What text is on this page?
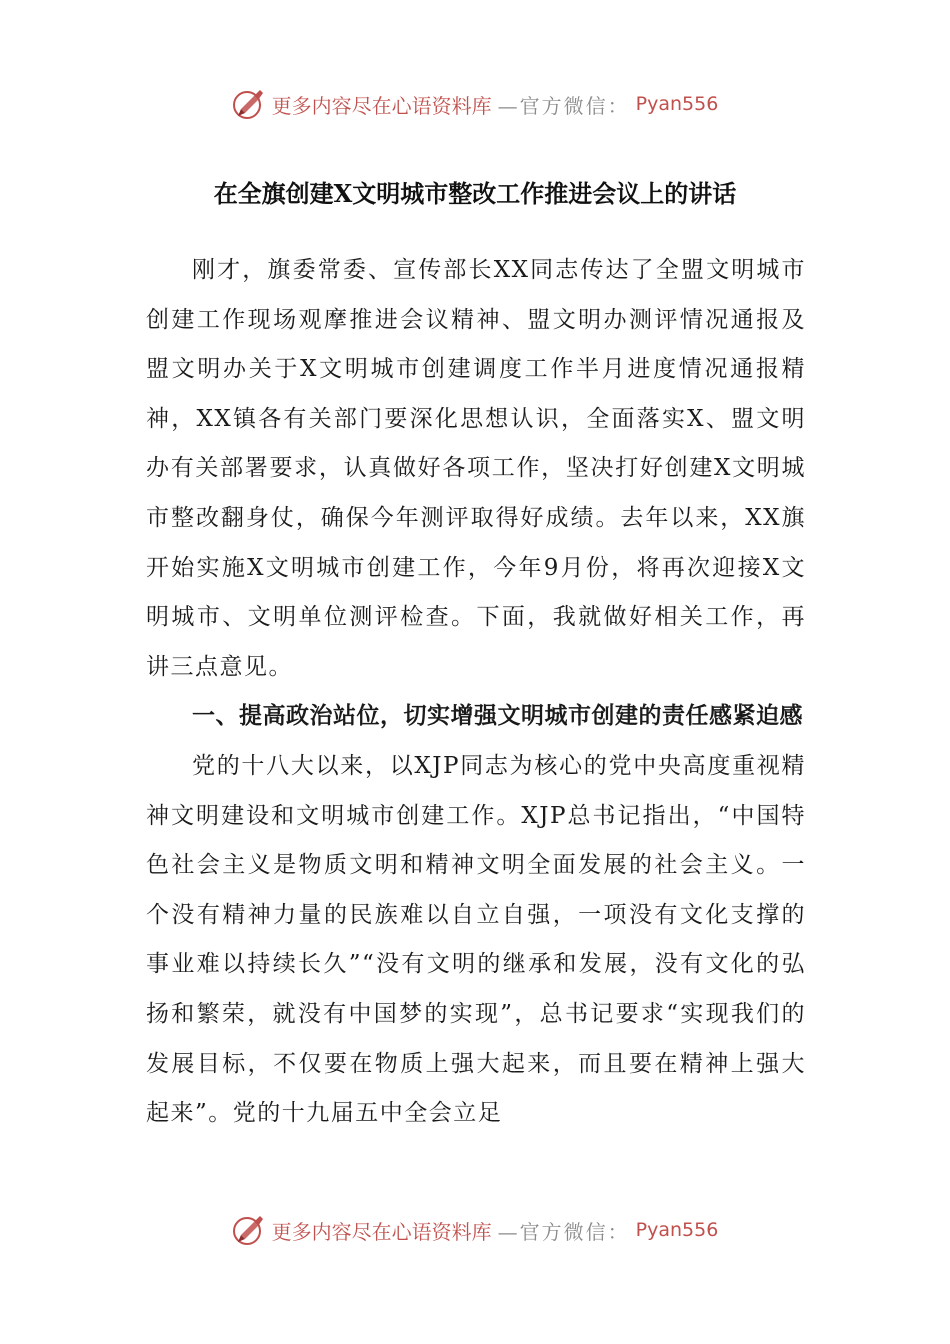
更多内容尽在心语资料库 —官方微信： Pyan556
在全旗创建X文明城市整改工作推进会议上的讲话

刚才，旗委常委、宣传部长XX同志传达了全盟文明城市创建工作现场观摩推进会议精神、盟文明办测评情况通报及盟文明办关于X文明城市创建调度工作半月进度情况通报精神，XX镇各有关部门要深化思想认识，全面落实X、盟文明办有关部署要求，认真做好各项工作，坚决打好创建X文明城市整改翻身仗，确保今年测评取得好成绩。去年以来，XX旗开始实施X文明城市创建工作，今年9月份，将再次迎接X文明城市、文明单位测评检查。下面，我就做好相关工作，再讲三点意见。

一、提高政治站位，切实增强文明城市创建的责任感紧迫感

党的十八大以来，以XJP同志为核心的党中央高度重视精神文明建设和文明城市创建工作。XJP总书记指出，“中国特色社会主义是物质文明和精神文明全面发展的社会主义。一个没有精神力量的民族难以自立自强，一项没有文化支撑的事业难以持续长久”“没有文明的继承和发展，没有文化的弘扬和繁荣，就没有中国梦的实现”，总书记要求“实现我们的发展目标，不仅要在物质上强大起来，而且要在精神上强大起来”。党的十九届五中全会立足

更多内容尽在心语资料库 —官方微信： Pyan556
